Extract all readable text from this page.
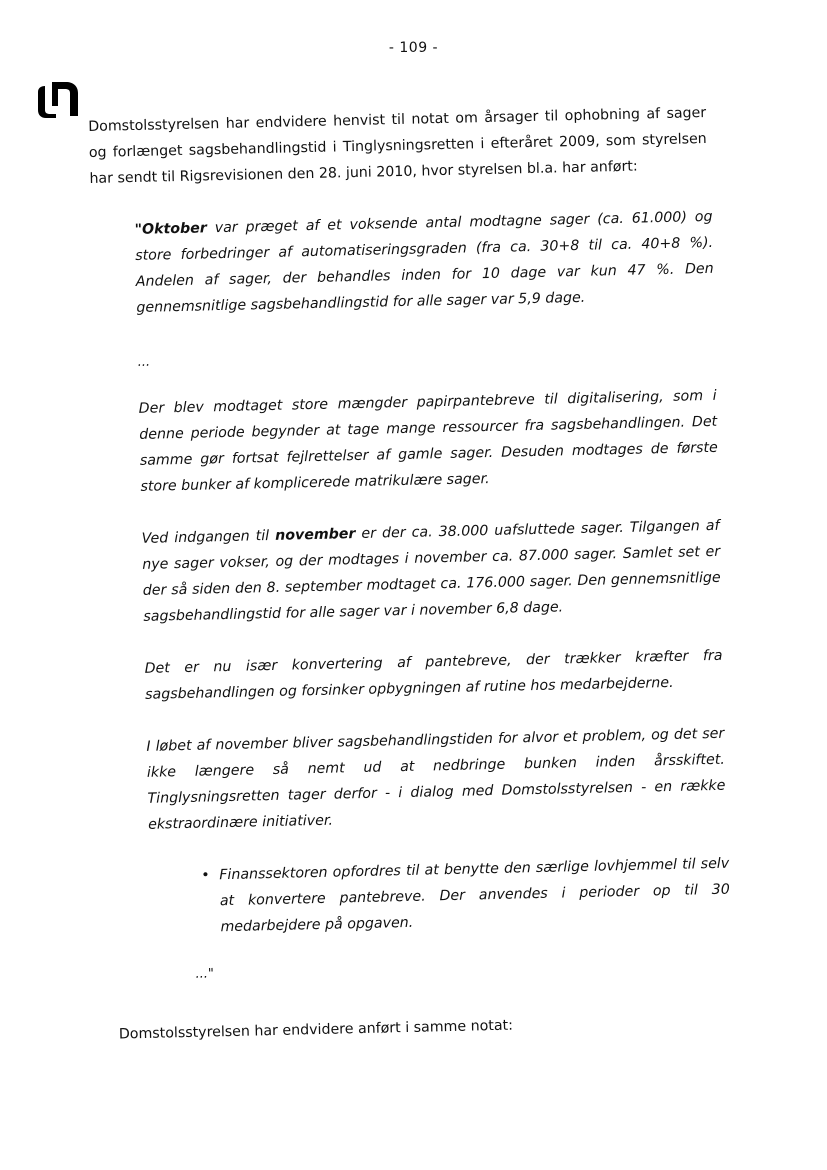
- 109 -

Domstolsstyrelsen har endvidere henvist til notat om årsager til ophobning af sager og forlænget sagsbehandlingstid i Tinglysningsretten i efteråret 2009, som styrelsen har sendt til Rigsrevisionen den 28. juni 2010, hvor styrelsen bl.a. har anført:

"Oktober var præget af et voksende antal modtagne sager (ca. 61.000) og store forbedringer af automatiseringsgraden (fra ca. 30+8 til ca. 40+8 %). Andelen af sager, der behandles inden for 10 dage var kun 47 %. Den gennemsnitlige sagsbehandlingstid for alle sager var 5,9 dage.

...

Der blev modtaget store mængder papirpantebreve til digitalisering, som i denne periode begynder at tage mange ressourcer fra sagsbehandlingen. Det samme gør fortsat fejlrettelser af gamle sager. Desuden modtages de første store bunker af komplicerede matrikulære sager.

Ved indgangen til november er der ca. 38.000 uafsluttede sager. Tilgangen af nye sager vokser, og der modtages i november ca. 87.000 sager. Samlet set er der så siden den 8. september modtaget ca. 176.000 sager. Den gennemsnitlige sagsbehandlingstid for alle sager var i november 6,8 dage.

Det er nu især konvertering af pantebreve, der trækker kræfter fra sagsbehandlingen og forsinker opbygningen af rutine hos medarbejderne.

I løbet af november bliver sagsbehandlingstiden for alvor et problem, og det ser ikke længere så nemt ud at nedbringe bunken inden årsskiftet. Tinglysningsretten tager derfor - i dialog med Domstolsstyrelsen - en række ekstraordinære initiativer.

• Finanssektoren opfordres til at benytte den særlige lovhjemmel til selv at konvertere pantebreve. Der anvendes i perioder op til 30 medarbejdere på opgaven.
..."

Domstolsstyrelsen har endvidere anført i samme notat:
